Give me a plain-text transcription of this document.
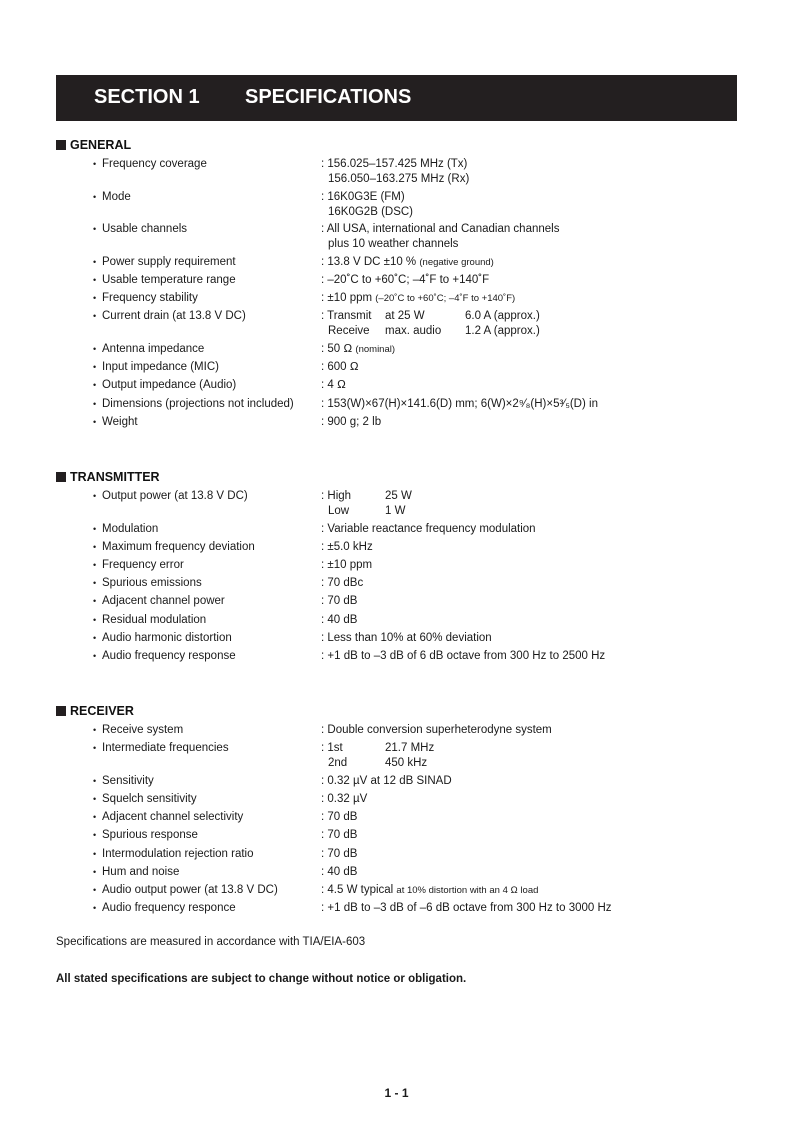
SECTION 1 SPECIFICATIONS
GENERAL
• Frequency coverage	: 156.025–157.425 MHz (Tx)
156.050–163.275 MHz (Rx)
• Mode	: 16K0G3E (FM)
16K0G2B (DSC)
• Usable channels	: All USA, international and Canadian channels
plus 10 weather channels
• Power supply requirement	: 13.8 V DC ±10 % (negative ground)
• Usable temperature range	: –20˚C to +60˚C; –4˚F to +140˚F
• Frequency stability	: ±10 ppm (–20˚C to +60˚C; –4˚F to +140˚F)
• Current drain (at 13.8 V DC)	: Transmit at 25 W	6.0 A (approx.)
Receive max. audio 1.2 A (approx.)
• Antenna impedance	: 50 Ω (nominal)
• Input impedance (MIC)	: 600 Ω
• Output impedance (Audio)	: 4 Ω
• Dimensions (projections not included) : 153(W)×67(H)×141.6(D) mm; 6(W)×2⁹⁄₈(H)×5³⁄₅(D) in
• Weight	: 900 g; 2 lb
TRANSMITTER
• Output power (at 13.8 V DC)	: High	25 W
Low	1 W
• Modulation	: Variable reactance frequency modulation
• Maximum frequency deviation	: ±5.0 kHz
• Frequency error	: ±10 ppm
• Spurious emissions	: 70 dBc
• Adjacent channel power	: 70 dB
• Residual modulation	: 40 dB
• Audio harmonic distortion	: Less than 10% at 60% deviation
• Audio frequency response	: +1 dB to –3 dB of 6 dB octave from 300 Hz to 2500 Hz
RECEIVER
• Receive system	: Double conversion superheterodyne system
• Intermediate frequencies	: 1st	21.7 MHz
2nd	450 kHz
• Sensitivity	: 0.32 µV at 12 dB SINAD
• Squelch sensitivity	: 0.32 µV
• Adjacent channel selectivity	: 70 dB
• Spurious response	: 70 dB
• Intermodulation rejection ratio	: 70 dB
• Hum and noise	: 40 dB
• Audio output power (at 13.8 V DC)	: 4.5 W typical at 10% distortion with an 4 Ω load
• Audio frequency responce	: +1 dB to –3 dB of –6 dB octave from 300 Hz to 3000 Hz
Specifications are measured in accordance with TIA/EIA-603
All stated specifications are subject to change without notice or obligation.
1 - 1
